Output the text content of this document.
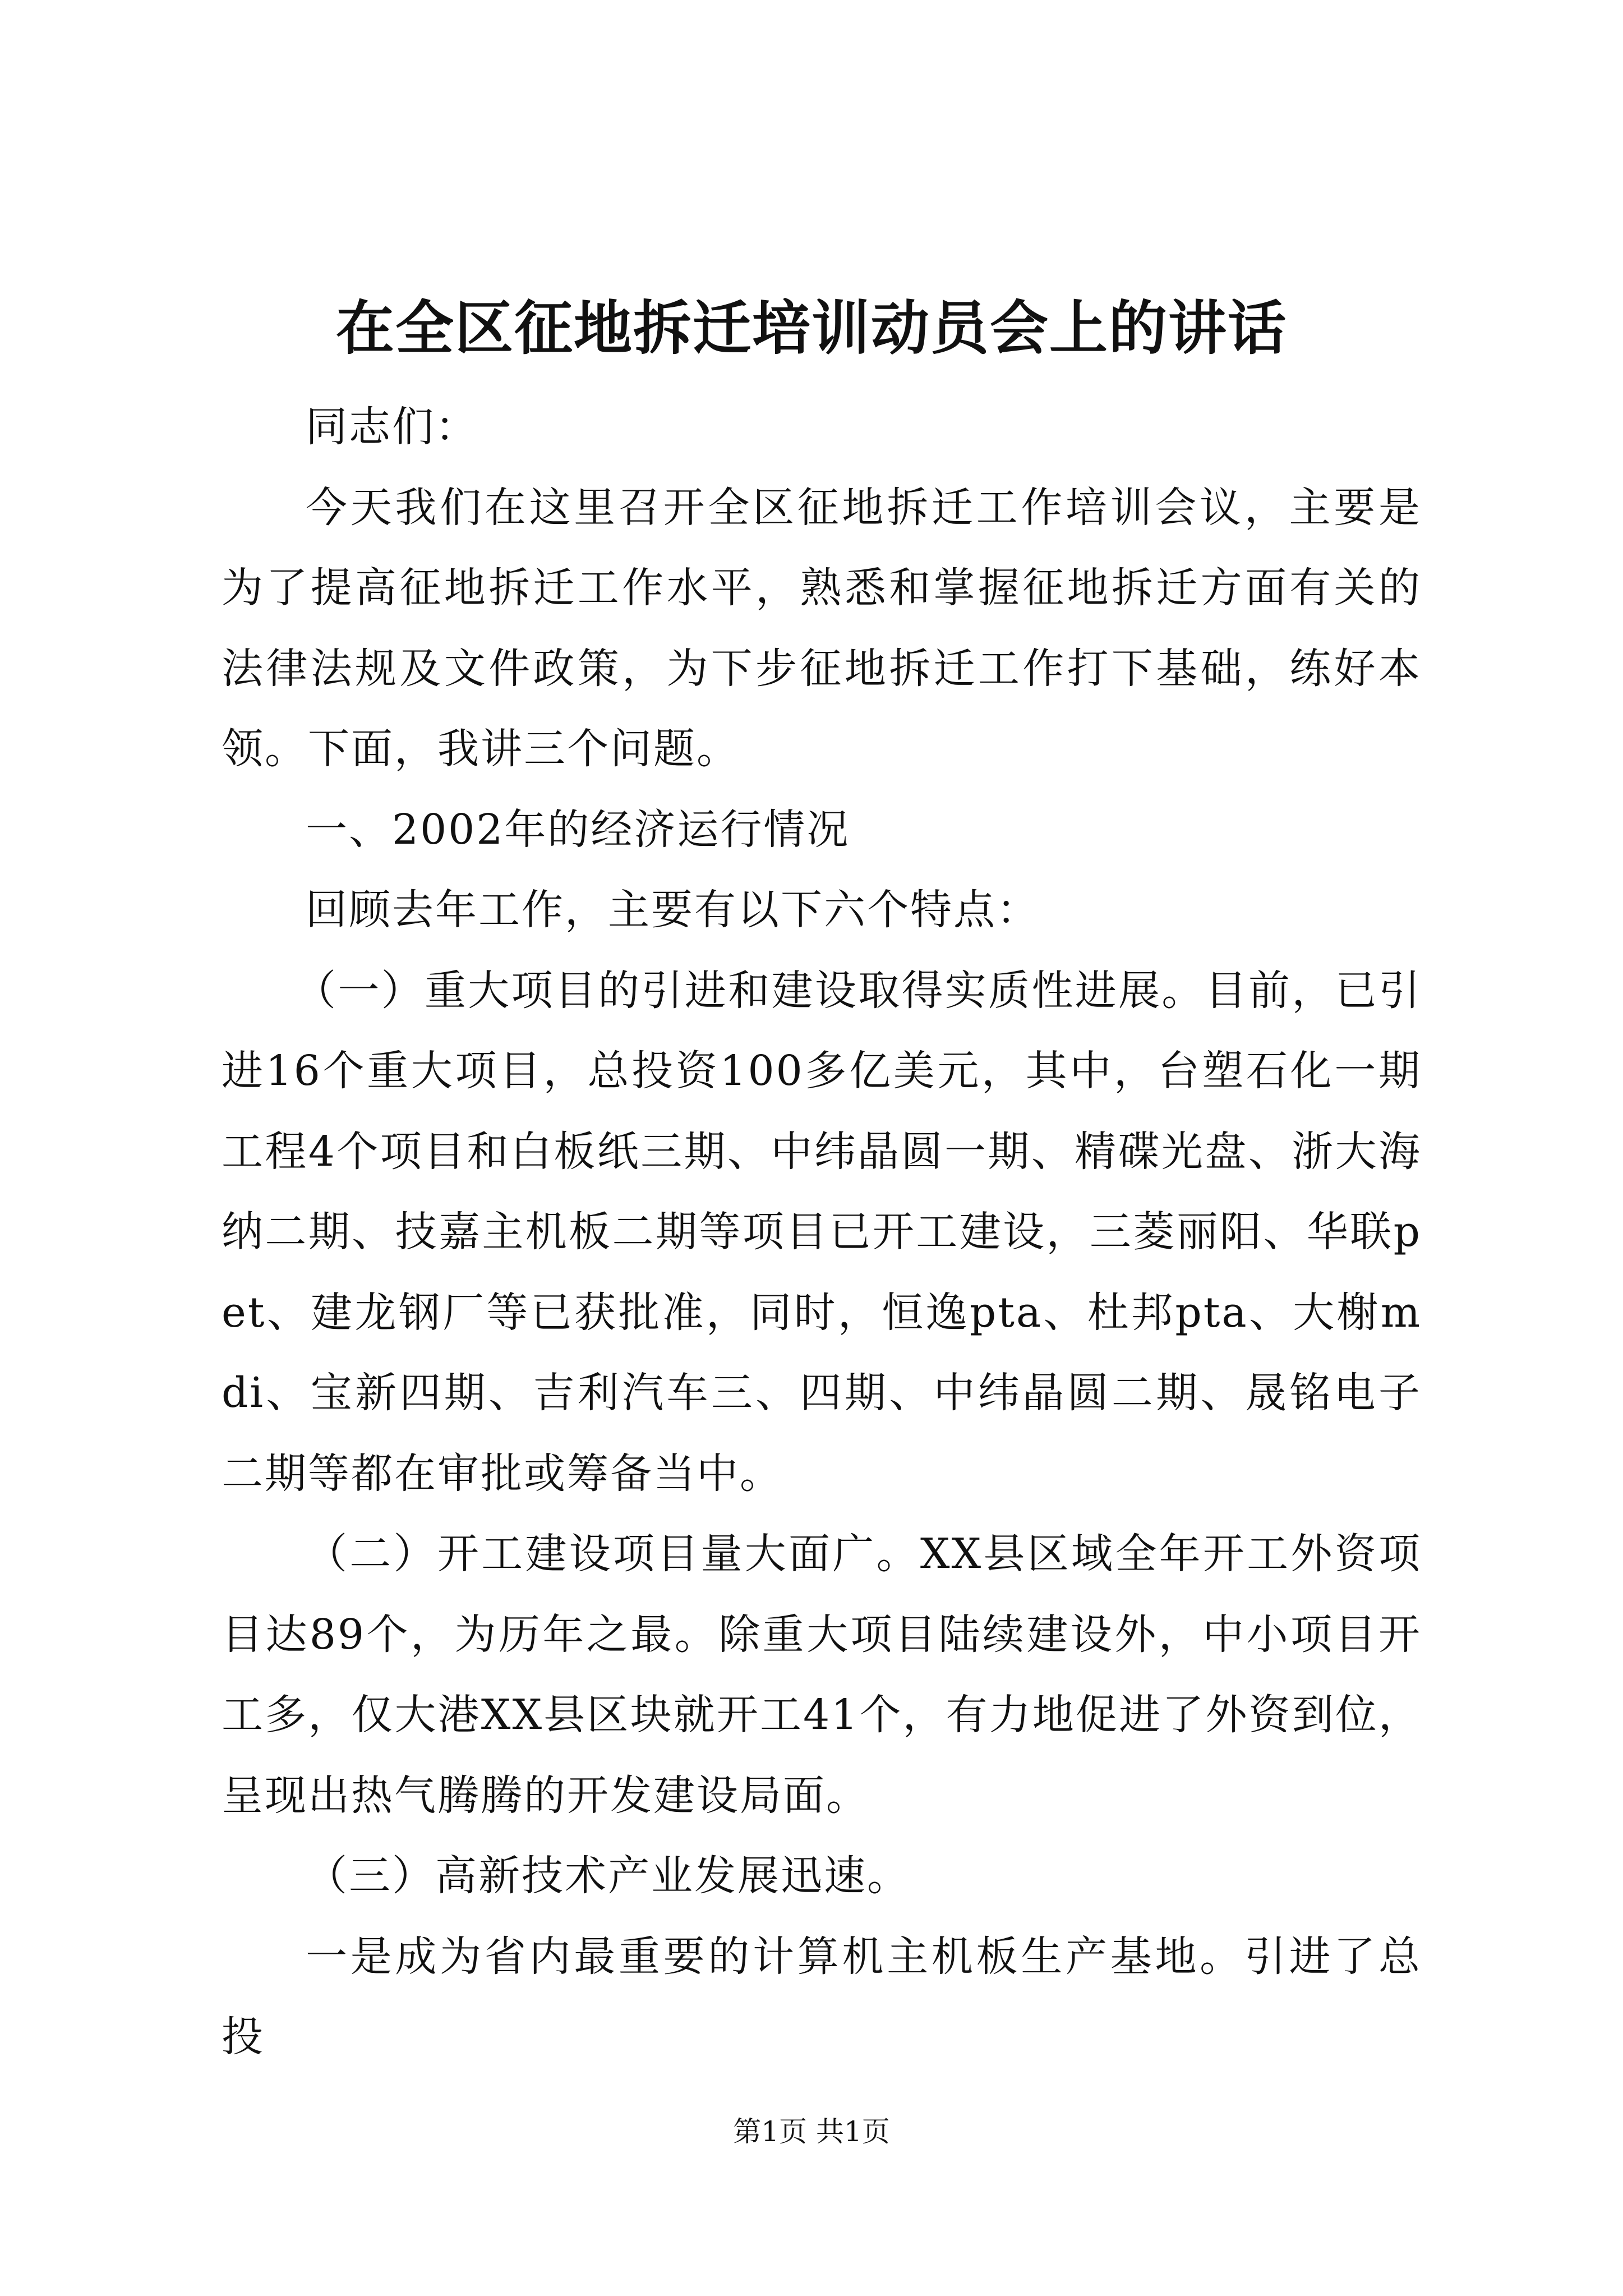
在全区征地拆迁培训动员会上的讲话

同志们：

今天我们在这里召开全区征地拆迁工作培训会议，主要是为了提高征地拆迁工作水平，熟悉和掌握征地拆迁方面有关的法律法规及文件政策，为下步征地拆迁工作打下基础，练好本领。下面，我讲三个问题。

一、2002年的经济运行情况

回顾去年工作，主要有以下六个特点：

（一）重大项目的引进和建设取得实质性进展。目前，已引进16个重大项目，总投资100多亿美元，其中，台塑石化一期工程4个项目和白板纸三期、中纬晶圆一期、精碟光盘、浙大海纳二期、技嘉主机板二期等项目已开工建设，三菱丽阳、华联pet、建龙钢厂等已获批准，同时，恒逸pta、杜邦pta、大榭mdi、宝新四期、吉利汽车三、四期、中纬晶圆二期、晟铭电子二期等都在审批或筹备当中。

（二）开工建设项目量大面广。XX县区域全年开工外资项目达89个，为历年之最。除重大项目陆续建设外，中小项目开工多，仅大港XX县区块就开工41个，有力地促进了外资到位，呈现出热气腾腾的开发建设局面。

（三）高新技术产业发展迅速。

一是成为省内最重要的计算机主机板生产基地。引进了总投

第1页 共1页
